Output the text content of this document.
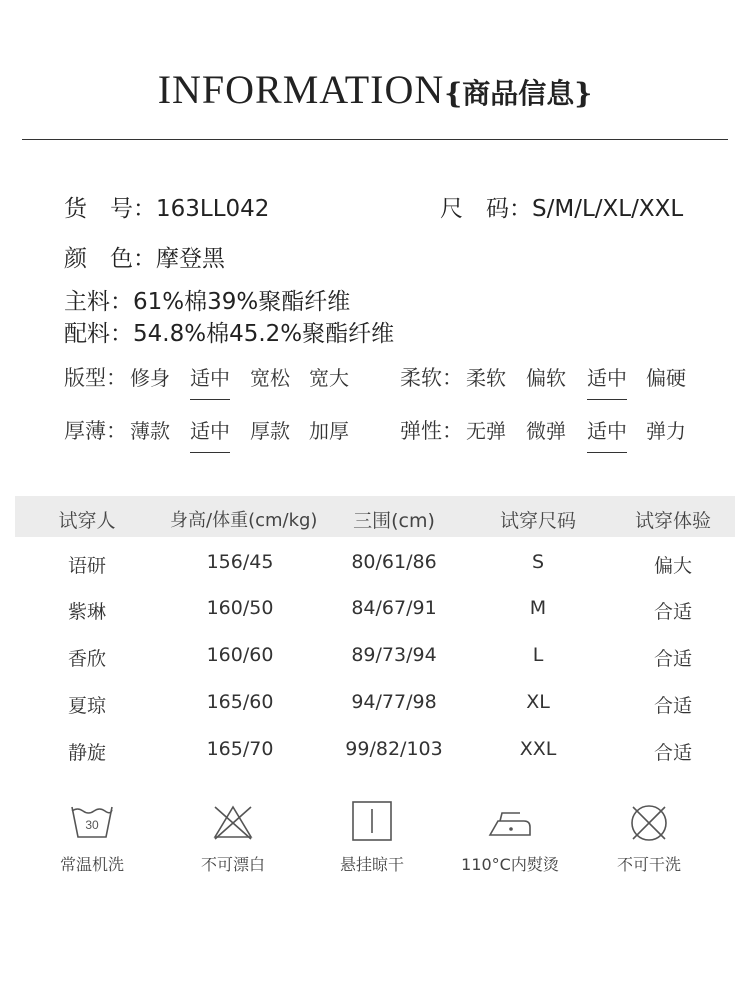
INFORMATION{商品信息}
货　号：163LL042	尺　码：S/M/L/XL/XXL
颜　色：摩登黑
主料：61%棉39%聚酯纤维
配料：54.8%棉45.2%聚酯纤维
版型： 修身 适中 宽松 宽大 柔软： 柔软 偏软 适中 偏硬
厚薄： 薄款 适中 厚款 加厚 弹性： 无弹 微弹 适中 弹力
试穿人	身高/体重(cm/kg)	三围(cm)	试穿尺码	试穿体验
语研	156/45	80/61/86	S	偏大
紫琳	160/50	84/67/91	M	合适
香欣	160/60	89/73/94	L	合适
夏琼	165/60	94/77/98	XL	合适
静旋	165/70	99/82/103	XXL	合适
30
常温机洗	不可漂白	悬挂晾干	110°C内熨烫	不可干洗
